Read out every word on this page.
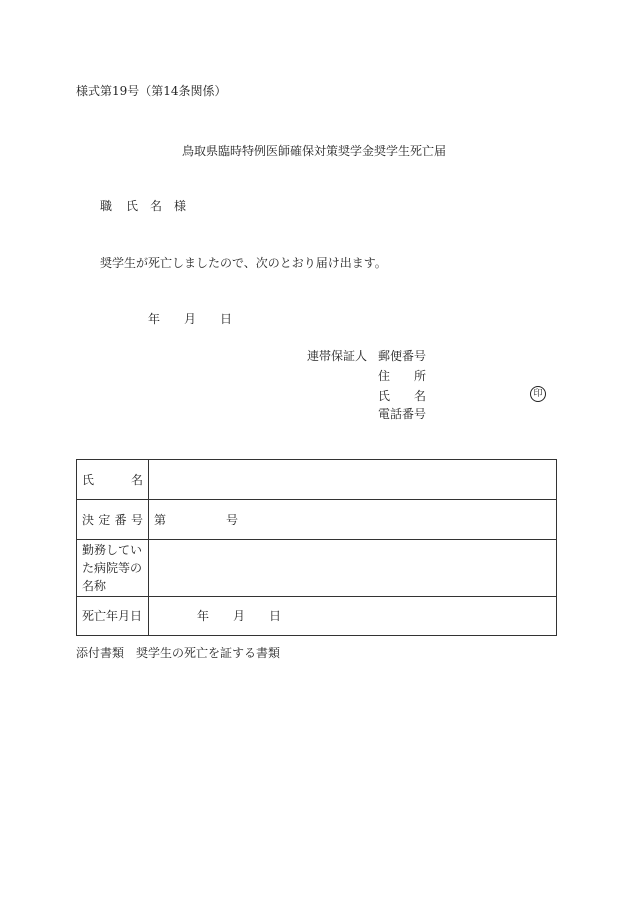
様式第19号（第14条関係）
鳥取県臨時特例医師確保対策奨学金奨学生死亡届
職 氏 名 様
奨学生が死亡しましたので、次のとおり届け出ます。
年 月 日
連帯保証人 郵便番号
住 所
氏 名	印
電話番号
氏 名	

決 定 番 号	第 号
勤務していた病院等の名称	
死亡年月日	年 月 日
添付書類　奨学生の死亡を証する書類
